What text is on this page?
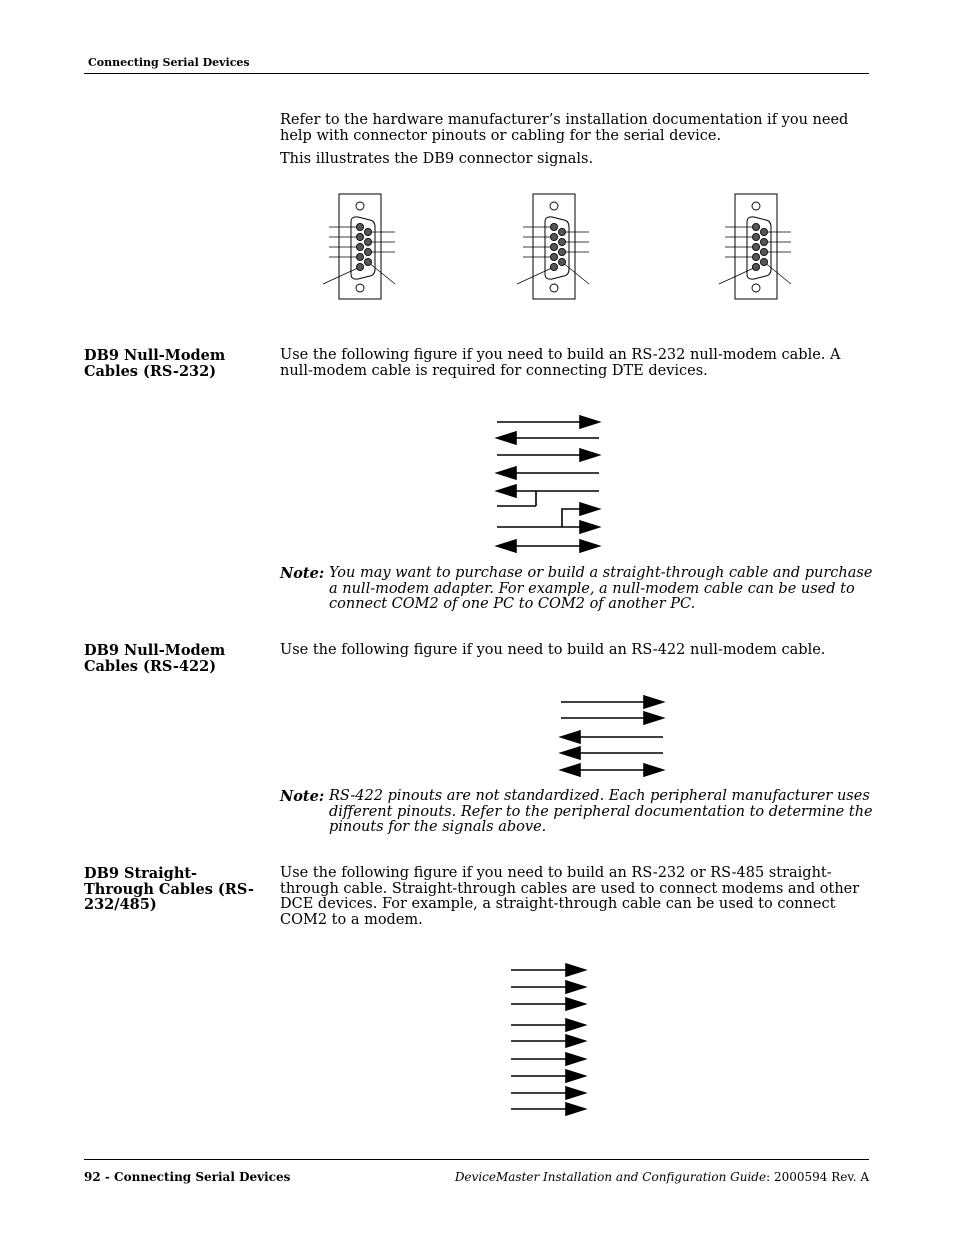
Connecting Serial Devices
Refer to the hardware manufacturer’s installation documentation if you need help with connector pinouts or cabling for the serial device.
This illustrates the DB9 connector signals.
DB9 Null-Modem Cables (RS-232)
Use the following figure if you need to build an RS-232 null-modem cable. A null-modem cable is required for connecting DTE devices.
Note: You may want to purchase or build a straight-through cable and purchase a null-modem adapter. For example, a null-modem cable can be used to connect COM2 of one PC to COM2 of another PC.
DB9 Null-Modem Cables (RS-422)
Use the following figure if you need to build an RS-422 null-modem cable.
Note: RS-422 pinouts are not standardized. Each peripheral manufacturer uses different pinouts. Refer to the peripheral documentation to determine the pinouts for the signals above.
DB9 Straight-Through Cables (RS-232/485)
Use the following figure if you need to build an RS-232 or RS-485 straight-through cable. Straight-through cables are used to connect modems and other DCE devices. For example, a straight-through cable can be used to connect COM2 to a modem.
92 - Connecting Serial Devices	DeviceMaster Installation and Configuration Guide: 2000594 Rev. A
